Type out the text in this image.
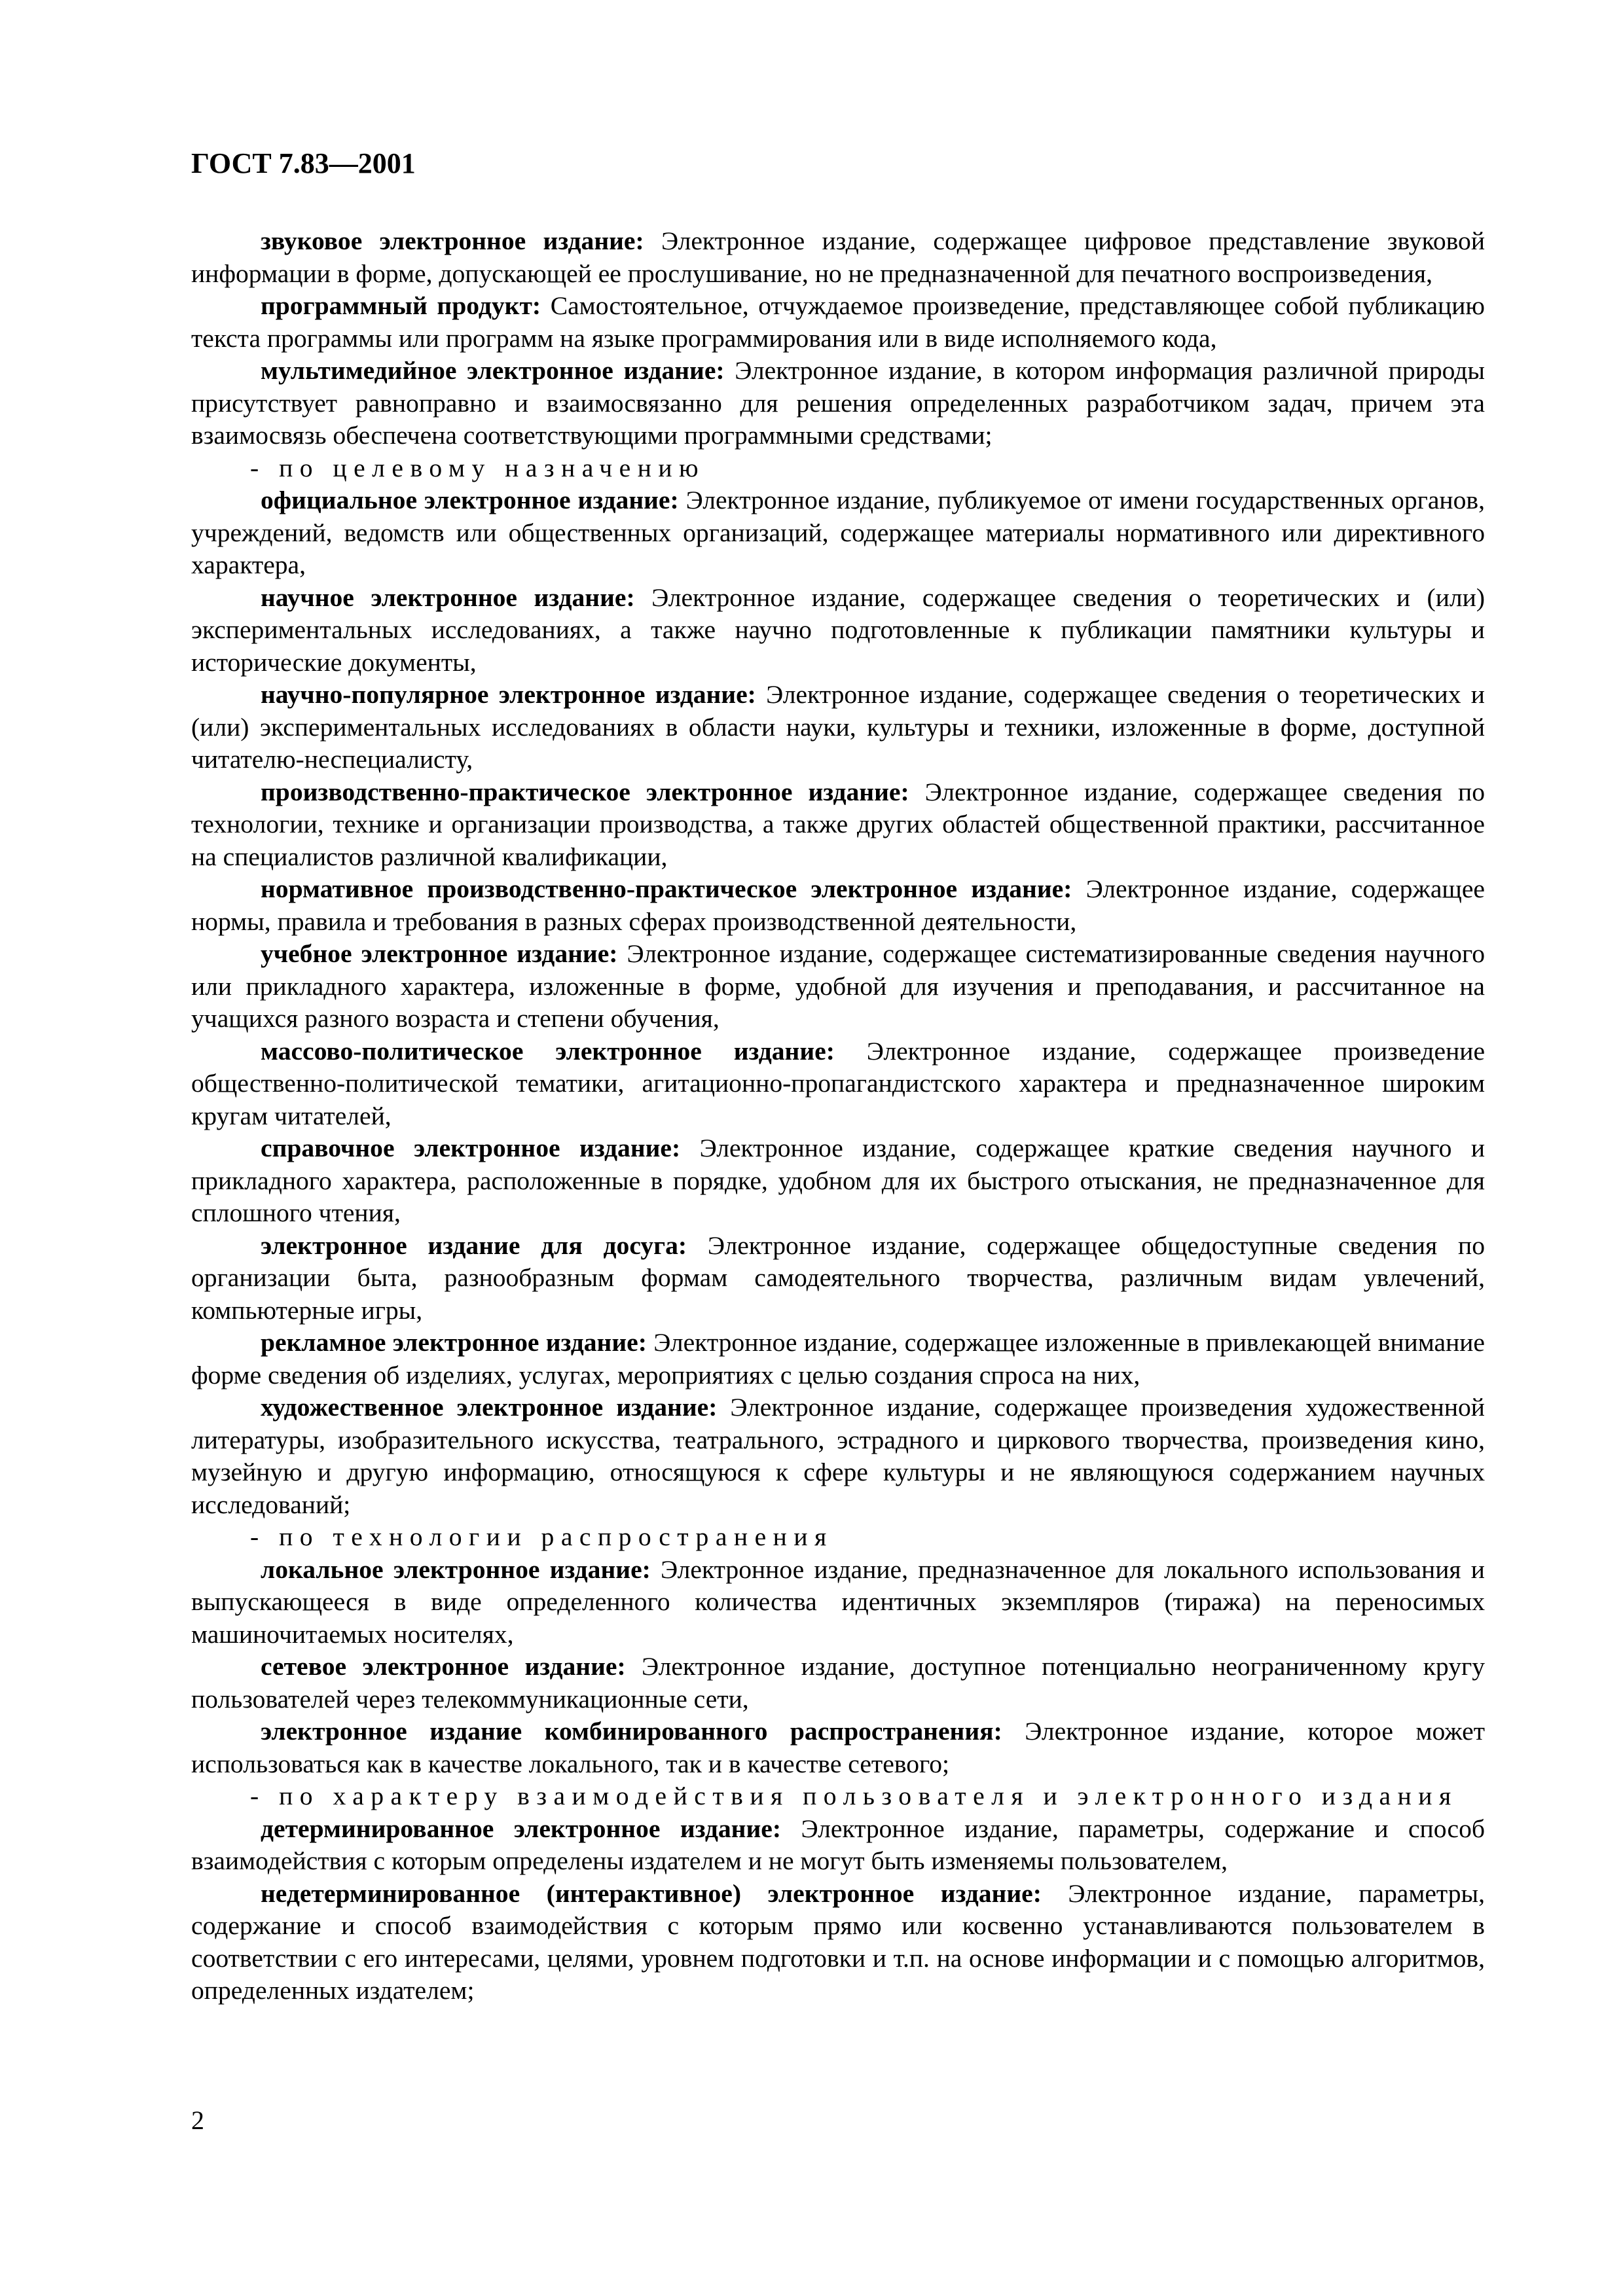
ГОСТ 7.83—2001

звуковое электронное издание: Электронное издание, содержащее цифровое представление звуковой информации в форме, допускающей ее прослушивание, но не предназначенной для печатного воспроизведения,

программный продукт: Самостоятельное, отчуждаемое произведение, представляющее собой публикацию текста программы или программ на языке программирования или в виде исполняемого кода,

мультимедийное электронное издание: Электронное издание, в котором информация различной природы присутствует равноправно и взаимосвязанно для решения определенных разработчиком задач, причем эта взаимосвязь обеспечена соответствующими программными средствами;

- по целевому назначению

официальное электронное издание: Электронное издание, публикуемое от имени государственных органов, учреждений, ведомств или общественных организаций, содержащее материалы нормативного или директивного характера,

научное электронное издание: Электронное издание, содержащее сведения о теоретических и (или) экспериментальных исследованиях, а также научно подготовленные к публикации памятники культуры и исторические документы,

научно-популярное электронное издание: Электронное издание, содержащее сведения о теоретических и (или) экспериментальных исследованиях в области науки, культуры и техники, изложенные в форме, доступной читателю-неспециалисту,

производственно-практическое электронное издание: Электронное издание, содержащее сведения по технологии, технике и организации производства, а также других областей общественной практики, рассчитанное на специалистов различной квалификации,

нормативное производственно-практическое электронное издание: Электронное издание, содержащее нормы, правила и требования в разных сферах производственной деятельности,

учебное электронное издание: Электронное издание, содержащее систематизированные сведения научного или прикладного характера, изложенные в форме, удобной для изучения и преподавания, и рассчитанное на учащихся разного возраста и степени обучения,

массово-политическое электронное издание: Электронное издание, содержащее произведение общественно-политической тематики, агитационно-пропагандистского характера и предназначенное широким кругам читателей,

справочное электронное издание: Электронное издание, содержащее краткие сведения научного и прикладного характера, расположенные в порядке, удобном для их быстрого отыскания, не предназначенное для сплошного чтения,

электронное издание для досуга: Электронное издание, содержащее общедоступные сведения по организации быта, разнообразным формам самодеятельного творчества, различным видам увлечений, компьютерные игры,

рекламное электронное издание: Электронное издание, содержащее изложенные в привлекающей внимание форме сведения об изделиях, услугах, мероприятиях с целью создания спроса на них,

художественное электронное издание: Электронное издание, содержащее произведения художественной литературы, изобразительного искусства, театрального, эстрадного и циркового творчества, произведения кино, музейную и другую информацию, относящуюся к сфере культуры и не являющуюся содержанием научных исследований;

- по технологии распространения

локальное электронное издание: Электронное издание, предназначенное для локального использования и выпускающееся в виде определенного количества идентичных экземпляров (тиража) на переносимых машиночитаемых носителях,

сетевое электронное издание: Электронное издание, доступное потенциально неограниченному кругу пользователей через телекоммуникационные сети,

электронное издание комбинированного распространения: Электронное издание, которое может использоваться как в качестве локального, так и в качестве сетевого;

- по характеру взаимодействия пользователя и электронного издания

детерминированное электронное издание: Электронное издание, параметры, содержание и способ взаимодействия с которым определены издателем и не могут быть изменяемы пользователем,

недетерминированное (интерактивное) электронное издание: Электронное издание, параметры, содержание и способ взаимодействия с которым прямо или косвенно устанавливаются пользователем в соответствии с его интересами, целями, уровнем подготовки и т.п. на основе информации и с помощью алгоритмов, определенных издателем;

2
